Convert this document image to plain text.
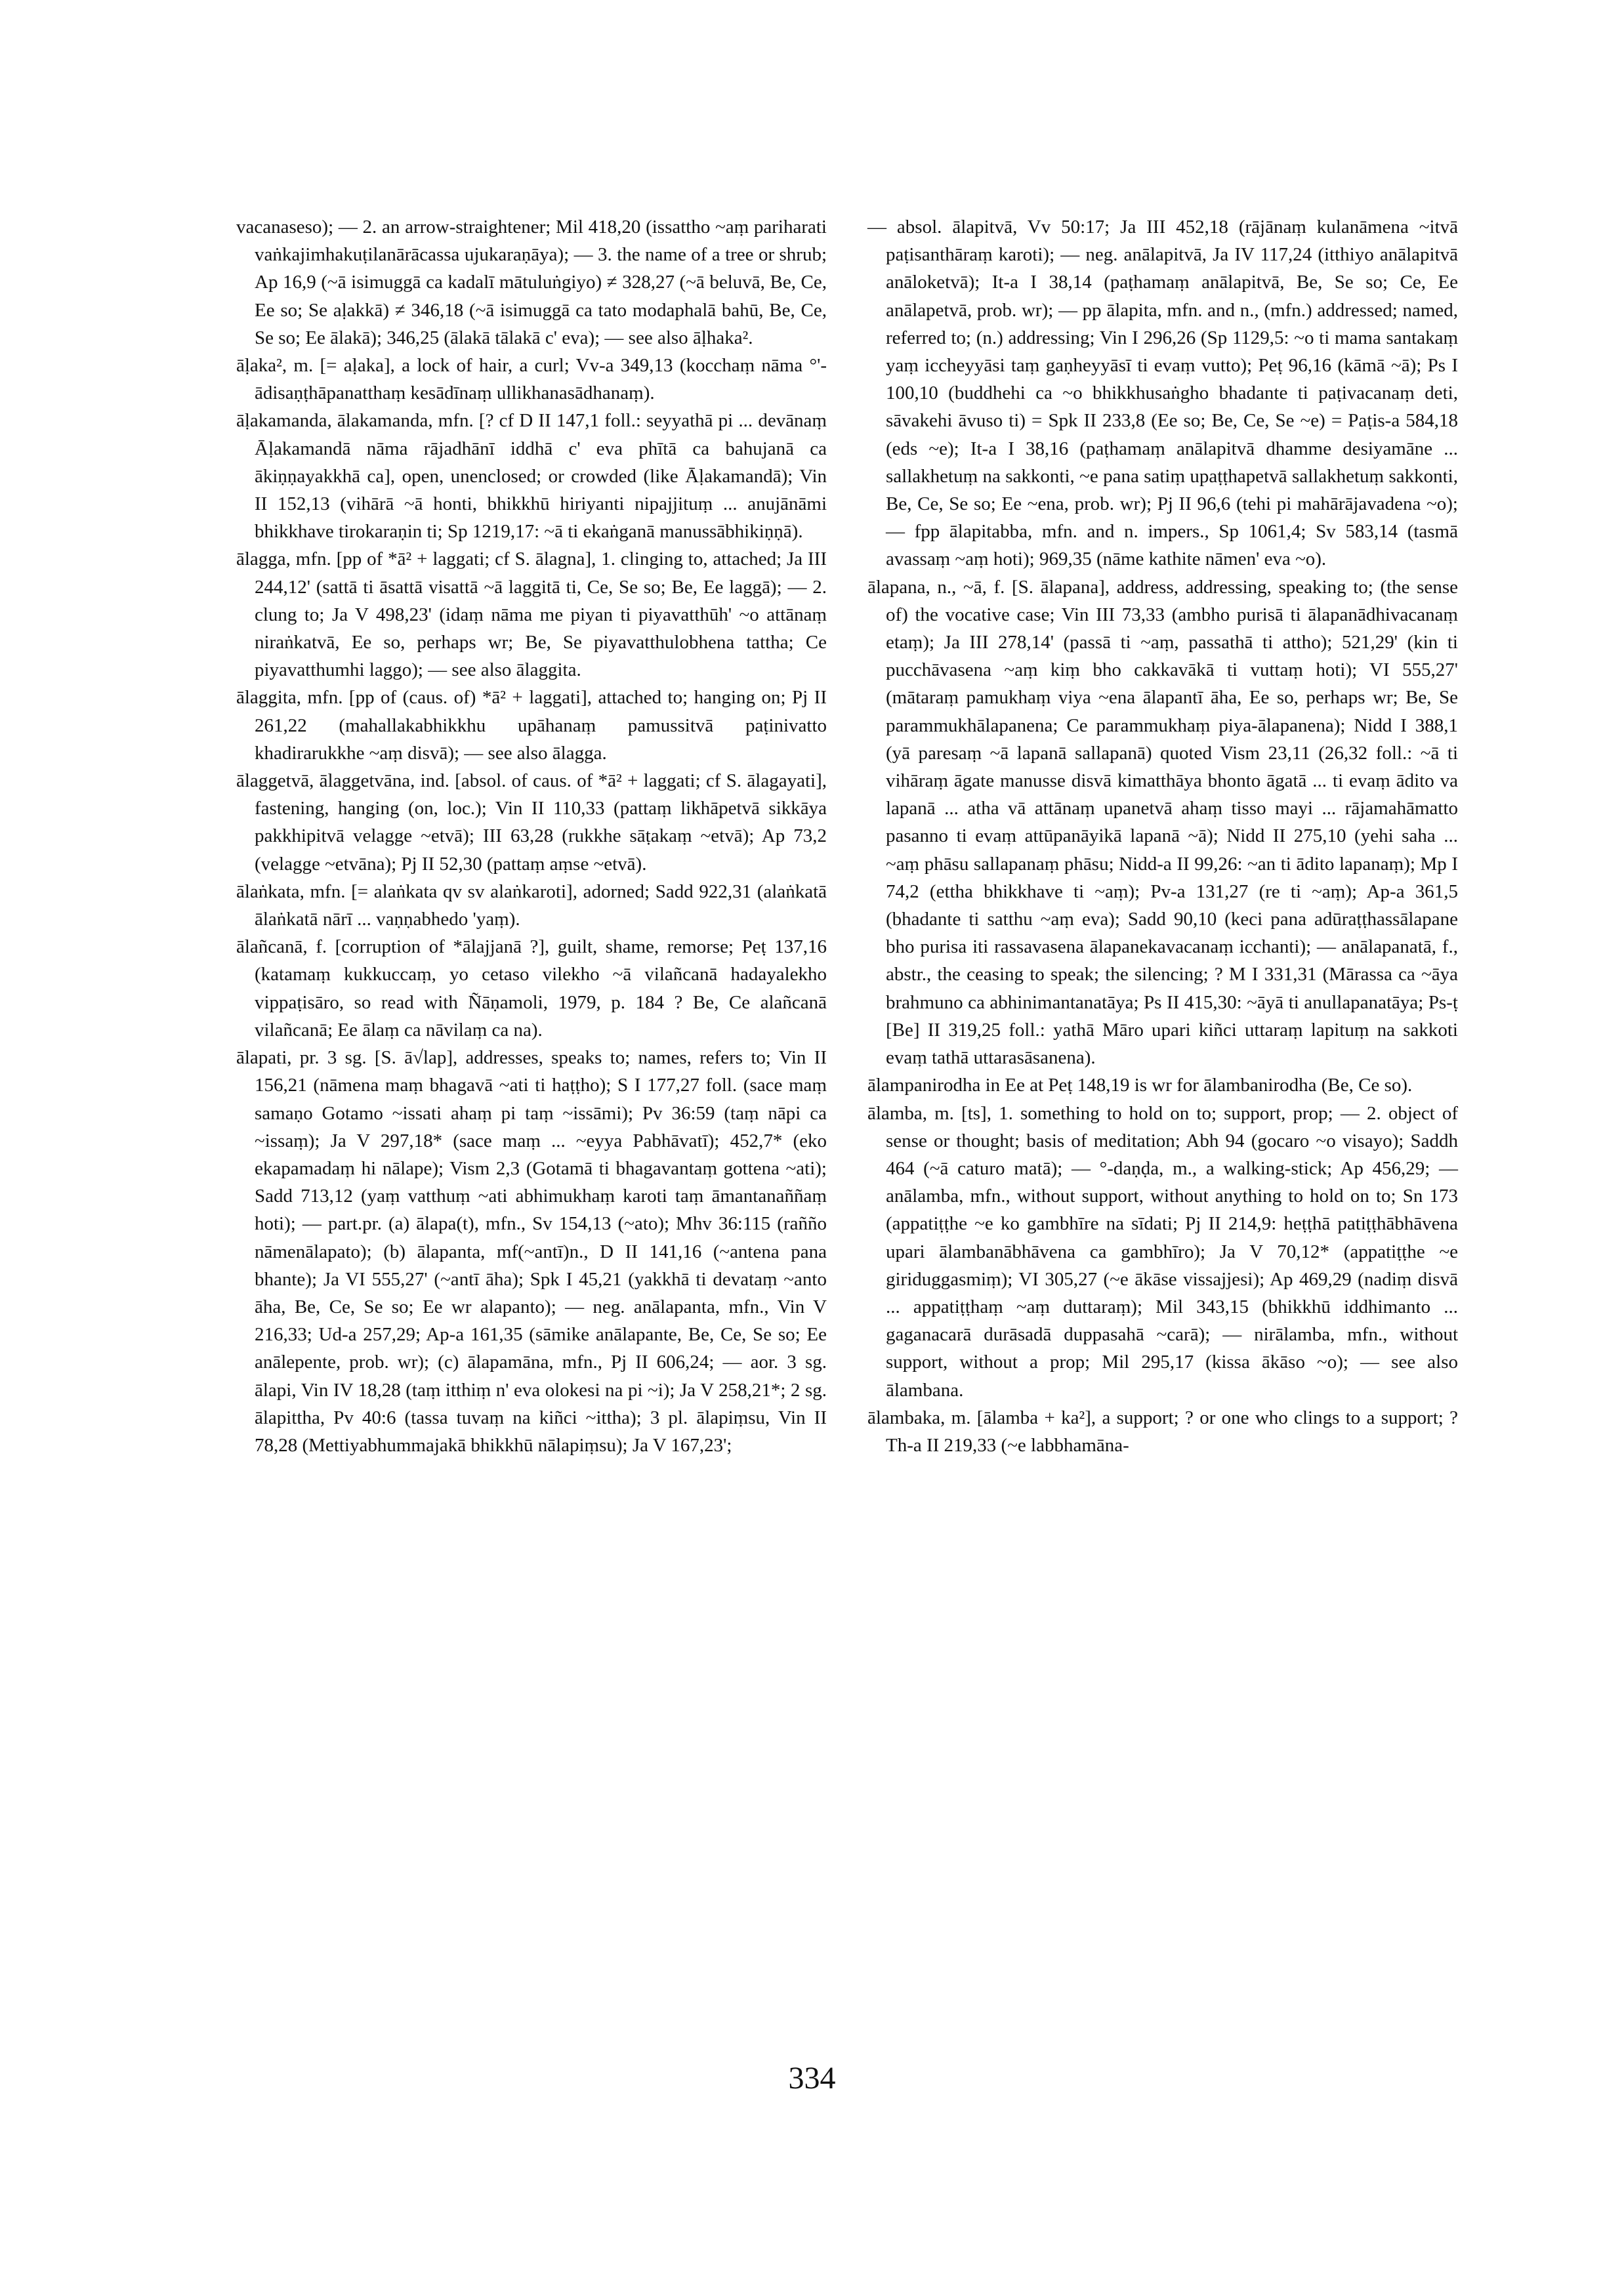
vacanaseso); — 2. an arrow-straightener; Mil 418,20 (issattho ~aṃ pariharati vaṅkajimhakuṭilanārācassa ujukaraṇāya); — 3. the name of a tree or shrub; Ap 16,9 (~ā isimuggā ca kadalī mātuluṅgiyo) ≠ 328,27 (~ā beluvā, Be, Ce, Ee so; Se aḷakkā) ≠ 346,18 (~ā isimuggā ca tato modaphalā bahū, Be, Ce, Se so; Ee ālakā); 346,25 (ālakā tālakā c' eva); — see also āḷhaka².

āḷaka², m. [= aḷaka], a lock of hair, a curl; Vv-a 349,13 (kocchaṃ nāma °'-ādisaṇṭhāpanatthaṃ kesādīnaṃ ullikhanasādhanaṃ).

āḷakamanda, ālakamanda, mfn. [? cf D II 147,1 foll.: seyyathā pi ... devānaṃ Āḷakamandā nāma rājadhānī iddhā c' eva phītā ca bahujanā ca ākiṇṇayakkhā ca], open, unenclosed; or crowded (like Āḷakamandā); Vin II 152,13 (vihārā ~ā honti, bhikkhū hiriyanti nipajjituṃ ... anujānāmi bhikkhave tirokaraṇin ti; Sp 1219,17: ~ā ti ekaṅganā manussābhikiṇṇā).

ālagga, mfn. [pp of *ā² + laggati; cf S. ālagna], 1. clinging to, attached; Ja III 244,12' (sattā ti āsattā visattā ~ā laggitā ti, Ce, Se so; Be, Ee laggā); — 2. clung to; Ja V 498,23' (idaṃ nāma me piyan ti piyavatthūh' ~o attānaṃ niraṅkatvā, Ee so, perhaps wr; Be, Se piyavatthulobhena tattha; Ce piyavatthumhi laggo); — see also ālaggita.

ālaggita, mfn. [pp of (caus. of) *ā² + laggati], attached to; hanging on; Pj II 261,22 (mahallakabhikkhu upāhanaṃ pamussitvā paṭinivatto khadirarukkhe ~aṃ disvā); — see also ālagga.

ālaggetvā, ālaggetvāna, ind. [absol. of caus. of *ā² + laggati; cf S. ālagayati], fastening, hanging (on, loc.); Vin II 110,33 (pattaṃ likhāpetvā sikkāya pakkhipitvā velagge ~etvā); III 63,28 (rukkhe sāṭakaṃ ~etvā); Ap 73,2 (velagge ~etvāna); Pj II 52,30 (pattaṃ aṃse ~etvā).

ālaṅkata, mfn. [= alaṅkata qv sv alaṅkaroti], adorned; Sadd 922,31 (alaṅkatā ālaṅkatā nārī ... vaṇṇabhedo 'yaṃ).

ālañcanā, f. [corruption of *ālajjanā ?], guilt, shame, remorse; Peṭ 137,16 (katamaṃ kukkuccaṃ, yo cetaso vilekho ~ā vilañcanā hadayalekho vippaṭisāro, so read with Ñāṇamoli, 1979, p. 184 ? Be, Ce alañcanā vilañcanā; Ee ālaṃ ca nāvilaṃ ca na).

ālapati, pr. 3 sg. [S. ā√lap], addresses, speaks to; names, refers to; Vin II 156,21 (nāmena maṃ bhagavā ~ati ti haṭṭho); S I 177,27 foll. (sace maṃ samaṇo Gotamo ~issati ahaṃ pi taṃ ~issāmi); Pv 36:59 (taṃ nāpi ca ~issaṃ); Ja V 297,18* (sace maṃ ... ~eyya Pabhāvatī); 452,7* (eko ekapamadaṃ hi nālape); Vism 2,3 (Gotamā ti bhagavantaṃ gottena ~ati); Sadd 713,12 (yaṃ vatthuṃ ~ati abhimukhaṃ karoti taṃ āmantanaññaṃ hoti); — part.pr. (a) ālapa(t), mfn., Sv 154,13 (~ato); Mhv 36:115 (rañño nāmenālapato); (b) ālapanta, mf(~antī)n., D II 141,16 (~antena pana bhante); Ja VI 555,27' (~antī āha); Spk I 45,21 (yakkhā ti devataṃ ~anto āha, Be, Ce, Se so; Ee wr alapanto); — neg. anālapanta, mfn., Vin V 216,33; Ud-a 257,29; Ap-a 161,35 (sāmike anālapante, Be, Ce, Se so; Ee anālepente, prob. wr); (c) ālapamāna, mfn., Pj II 606,24; — aor. 3 sg. ālapi, Vin IV 18,28 (taṃ itthiṃ n' eva olokesi na pi ~i); Ja V 258,21*; 2 sg. ālapittha, Pv 40:6 (tassa tuvaṃ na kiñci ~ittha); 3 pl. ālapiṃsu, Vin II 78,28 (Mettiyabhummajakā bhikkhū nālapiṃsu); Ja V 167,23';

— absol. ālapitvā, Vv 50:17; Ja III 452,18 (rājānaṃ kulanāmena ~itvā paṭisanthāraṃ karoti); — neg. anālapitvā, Ja IV 117,24 (itthiyo anālapitvā anāloketvā); It-a I 38,14 (paṭhamaṃ anālapitvā, Be, Se so; Ce, Ee anālapetvā, prob. wr); — pp ālapita, mfn. and n., (mfn.) addressed; named, referred to; (n.) addressing; Vin I 296,26 (Sp 1129,5: ~o ti mama santakaṃ yaṃ iccheyyāsi taṃ gaṇheyyāsī ti evaṃ vutto); Peṭ 96,16 (kāmā ~ā); Ps I 100,10 (buddhehi ca ~o bhikkhusaṅgho bhadante ti paṭivacanaṃ deti, sāvakehi āvuso ti) = Spk II 233,8 (Ee so; Be, Ce, Se ~e) = Paṭis-a 584,18 (eds ~e); It-a I 38,16 (paṭhamaṃ anālapitvā dhamme desiyamāne ... sallakhetuṃ na sakkonti, ~e pana satiṃ upaṭṭhapetvā sallakhetuṃ sakkonti, Be, Ce, Se so; Ee ~ena, prob. wr); Pj II 96,6 (tehi pi mahārājavadena ~o); — fpp ālapitabba, mfn. and n. impers., Sp 1061,4; Sv 583,14 (tasmā avassaṃ ~aṃ hoti); 969,35 (nāme kathite nāmen' eva ~o).

ālapana, n., ~ā, f. [S. ālapana], address, addressing, speaking to; (the sense of) the vocative case; Vin III 73,33 (ambho purisā ti ālapanādhivacanaṃ etaṃ); Ja III 278,14' (passā ti ~aṃ, passathā ti attho); 521,29' (kin ti pucchāvasena ~aṃ kiṃ bho cakkavākā ti vuttaṃ hoti); VI 555,27' (mātaraṃ pamukhaṃ viya ~ena ālapantī āha, Ee so, perhaps wr; Be, Se parammukhālapanena; Ce parammukhaṃ piya-ālapanena); Nidd I 388,1 (yā paresaṃ ~ā lapanā sallapanā) quoted Vism 23,11 (26,32 foll.: ~ā ti vihāraṃ āgate manusse disvā kimatthāya bhonto āgatā ... ti evaṃ ādito va lapanā ... atha vā attānaṃ upanetvā ahaṃ tisso mayi ... rājamahāmatto pasanno ti evaṃ attūpanāyikā lapanā ~ā); Nidd II 275,10 (yehi saha ... ~aṃ phāsu sallapanaṃ phāsu; Nidd-a II 99,26: ~an ti ādito lapanaṃ); Mp I 74,2 (ettha bhikkhave ti ~aṃ); Pv-a 131,27 (re ti ~aṃ); Ap-a 361,5 (bhadante ti satthu ~aṃ eva); Sadd 90,10 (keci pana adūraṭṭhassālapane bho purisa iti rassavasena ālapanekavacanaṃ icchanti); — anālapanatā, f., abstr., the ceasing to speak; the silencing; ? M I 331,31 (Mārassa ca ~āya brahmuno ca abhinimantanatāya; Ps II 415,30: ~āyā ti anullapanatāya; Ps-ṭ [Be] II 319,25 foll.: yathā Māro upari kiñci uttaraṃ lapituṃ na sakkoti evaṃ tathā uttarasāsanena).

ālampanirodha in Ee at Peṭ 148,19 is wr for ālambanirodha (Be, Ce so).

ālamba, m. [ts], 1. something to hold on to; support, prop; — 2. object of sense or thought; basis of meditation; Abh 94 (gocaro ~o visayo); Saddh 464 (~ā caturo matā); — °-daṇḍa, m., a walking-stick; Ap 456,29; — anālamba, mfn., without support, without anything to hold on to; Sn 173 (appatiṭṭhe ~e ko gambhīre na sīdati; Pj II 214,9: heṭṭhā patiṭṭhābhāvena upari ālambanābhāvena ca gambhīro); Ja V 70,12* (appatiṭṭhe ~e giriduggasmiṃ); VI 305,27 (~e ākāse vissajjesi); Ap 469,29 (nadiṃ disvā ... appatiṭṭhaṃ ~aṃ duttaraṃ); Mil 343,15 (bhikkhū iddhimanto ... gaganacarā durāsadā duppasahā ~carā); — nirālamba, mfn., without support, without a prop; Mil 295,17 (kissa ākāso ~o); — see also ālambana.

ālambaka, m. [ālamba + ka²], a support; ? or one who clings to a support; ? Th-a II 219,33 (~e labbhamāna-

334
